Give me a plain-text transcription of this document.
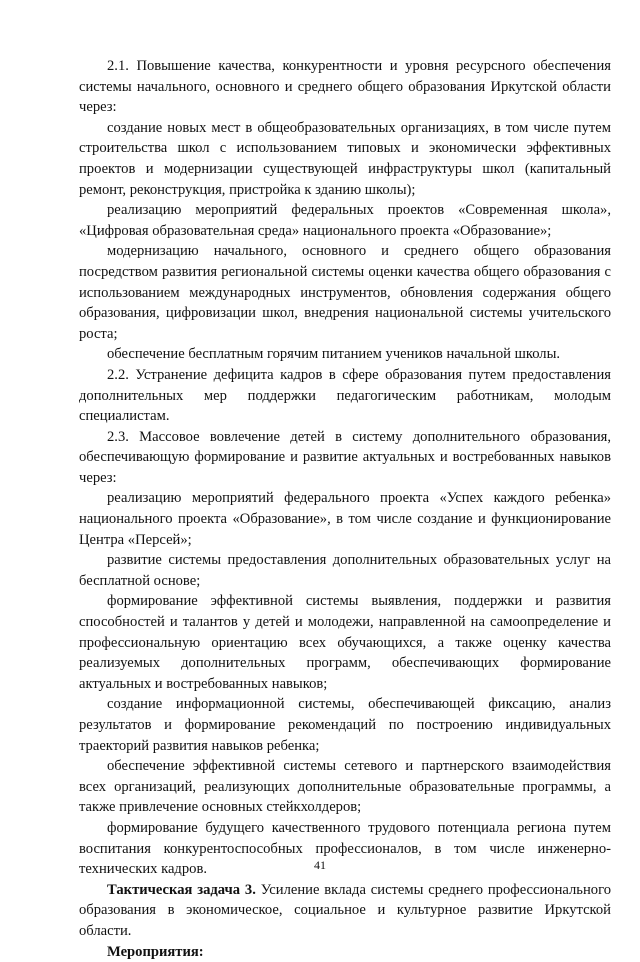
2.1. Повышение качества, конкурентности и уровня ресурсного обеспечения системы начального, основного и среднего общего образования Иркутской области через:

создание новых мест в общеобразовательных организациях, в том числе путем строительства школ с использованием типовых и экономически эффективных проектов и модернизации существующей инфраструктуры школ (капитальный ремонт, реконструкция, пристройка к зданию школы);

реализацию мероприятий федеральных проектов «Современная школа», «Цифровая образовательная среда» национального проекта «Образование»;

модернизацию начального, основного и среднего общего образования посредством развития региональной системы оценки качества общего образования с использованием международных инструментов, обновления содержания общего образования, цифровизации школ, внедрения национальной системы учительского роста;

обеспечение бесплатным горячим питанием учеников начальной школы.

2.2. Устранение дефицита кадров в сфере образования путем предоставления дополнительных мер поддержки педагогическим работникам, молодым специалистам.

2.3. Массовое вовлечение детей в систему дополнительного образования, обеспечивающую формирование и развитие актуальных и востребованных навыков через:

реализацию мероприятий федерального проекта «Успех каждого ребенка» национального проекта «Образование», в том числе создание и функционирование Центра «Персей»;

развитие системы предоставления дополнительных образовательных услуг на бесплатной основе;

формирование эффективной системы выявления, поддержки и развития способностей и талантов у детей и молодежи, направленной на самоопределение и профессиональную ориентацию всех обучающихся, а также оценку качества реализуемых дополнительных программ, обеспечивающих формирование актуальных и востребованных навыков;

создание информационной системы, обеспечивающей фиксацию, анализ результатов и формирование рекомендаций по построению индивидуальных траекторий развития навыков ребенка;

обеспечение эффективной системы сетевого и партнерского взаимодействия всех организаций, реализующих дополнительные образовательные программы, а также привлечение основных стейкхолдеров;

формирование будущего качественного трудового потенциала региона путем воспитания конкурентоспособных профессионалов, в том числе инженерно-технических кадров.

Тактическая задача 3. Усиление вклада системы среднего профессионального образования в экономическое, социальное и культурное развитие Иркутской области.

Мероприятия:

41
